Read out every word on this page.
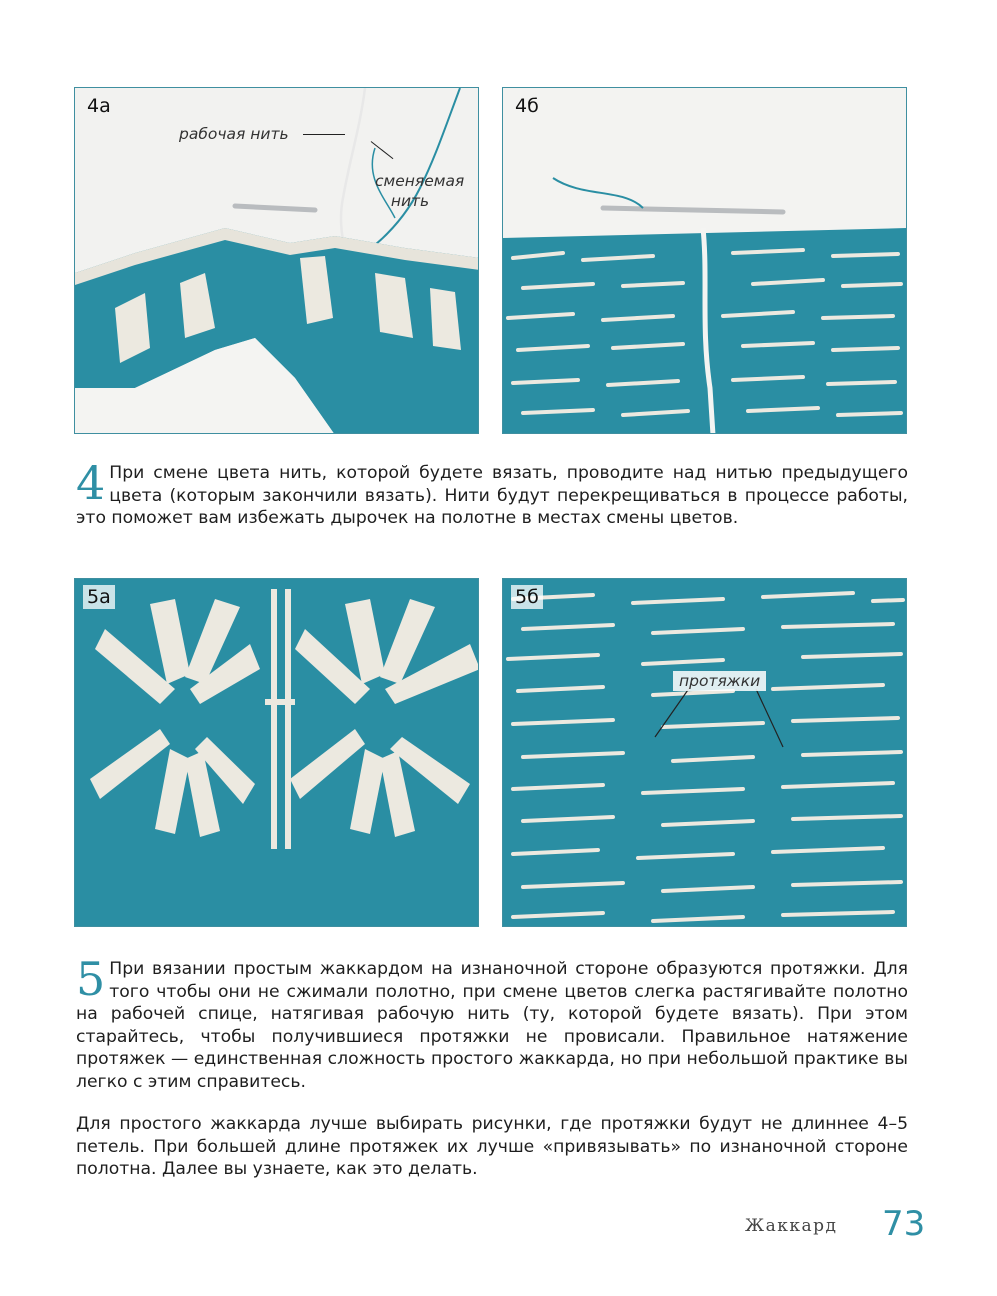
4а
рабочая нить
сменяемая
нить
4б

4 При смене цвета нить, которой будете вязать, проводите над нитью предыдущего цвета (которым закончили вязать). Нити будут перекрещиваться в процессе работы, это поможет вам избежать дырочек на полотне в местах смены цветов.

5а	5б
протяжки

5 При вязании простым жаккардом на изнаночной стороне образуются протяжки. Для того чтобы они не сжимали полотно, при смене цветов слегка растягивайте полотно на рабочей спице, натягивая рабочую нить (ту, которой будете вязать). При этом старайтесь, чтобы получившиеся протяжки не провисали. Правильное натяжение протяжек — единственная сложность простого жаккарда, но при небольшой практике вы легко с этим справитесь.

Для простого жаккарда лучше выбирать рисунки, где протяжки будут не длиннее 4–5 петель. При большей длине протяжек их лучше «привязывать» по изнаночной стороне полотна. Далее вы узнаете, как это делать.

Жаккард 73
